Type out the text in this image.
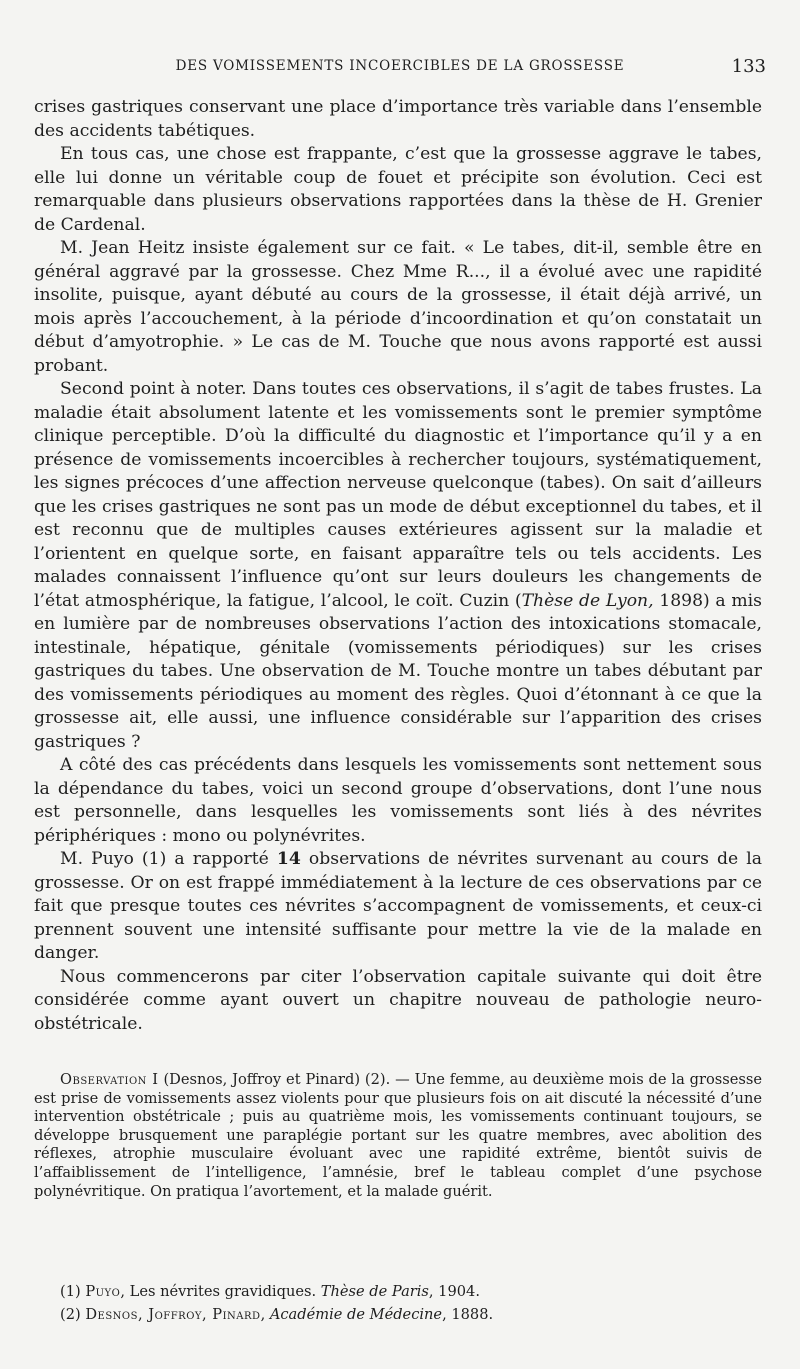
DES VOMISSEMENTS INCOERCIBLES DE LA GROSSESSE	133

crises gastriques conservant une place d’importance très variable dans l’ensemble des accidents tabétiques.

En tous cas, une chose est frappante, c’est que la grossesse aggrave le tabes, elle lui donne un véritable coup de fouet et précipite son évolution. Ceci est remarquable dans plusieurs observations rapportées dans la thèse de H. Grenier de Cardenal.

M. Jean Heitz insiste également sur ce fait. « Le tabes, dit-il, semble être en général aggravé par la grossesse. Chez Mme R..., il a évolué avec une rapidité insolite, puisque, ayant débuté au cours de la grossesse, il était déjà arrivé, un mois après l’accouchement, à la période d’incoordination et qu’on constatait un début d’amyotrophie. » Le cas de M. Touche que nous avons rapporté est aussi probant.

Second point à noter. Dans toutes ces observations, il s’agit de tabes frustes. La maladie était absolument latente et les vomissements sont le premier symptôme clinique perceptible. D’où la difficulté du diagnostic et l’importance qu’il y a en présence de vomissements incoercibles à rechercher toujours, systématiquement, les signes précoces d’une affection nerveuse quelconque (tabes). On sait d’ailleurs que les crises gastriques ne sont pas un mode de début exceptionnel du tabes, et il est reconnu que de multiples causes extérieures agissent sur la maladie et l’orientent en quelque sorte, en faisant apparaître tels ou tels accidents. Les malades connaissent l’influence qu’ont sur leurs douleurs les changements de l’état atmosphérique, la fatigue, l’alcool, le coït. Cuzin (Thèse de Lyon, 1898) a mis en lumière par de nombreuses observations l’action des intoxications stomacale, intestinale, hépatique, génitale (vomissements périodiques) sur les crises gastriques du tabes. Une observation de M. Touche montre un tabes débutant par des vomissements périodiques au moment des règles. Quoi d’étonnant à ce que la grossesse ait, elle aussi, une influence considérable sur l’apparition des crises gastriques ?

A côté des cas précédents dans lesquels les vomissements sont nettement sous la dépendance du tabes, voici un second groupe d’observations, dont l’une nous est personnelle, dans lesquelles les vomissements sont liés à des névrites périphériques : mono ou polynévrites.

M. Puyo (1) a rapporté 14 observations de névrites survenant au cours de la grossesse. Or on est frappé immédiatement à la lecture de ces observations par ce fait que presque toutes ces névrites s’accompagnent de vomissements, et ceux-ci prennent souvent une intensité suffisante pour mettre la vie de la malade en danger.

Nous commencerons par citer l’observation capitale suivante qui doit être considérée comme ayant ouvert un chapitre nouveau de pathologie neuro-obstétricale.

Observation I (Desnos, Joffroy et Pinard) (2). — Une femme, au deuxième mois de la grossesse est prise de vomissements assez violents pour que plusieurs fois on ait discuté la nécessité d’une intervention obstétricale ; puis au quatrième mois, les vomissements continuant toujours, se développe brusquement une paraplégie portant sur les quatre membres, avec abolition des réflexes, atrophie musculaire évoluant avec une rapidité extrême, bientôt suivis de l’affaiblissement de l’intelligence, l’amnésie, bref le tableau complet d’une psychose polynévritique. On pratiqua l’avortement, et la malade guérit.

(1) Puyo, Les névrites gravidiques. Thèse de Paris, 1904.

(2) Desnos, Joffroy, Pinard, Académie de Médecine, 1888.
